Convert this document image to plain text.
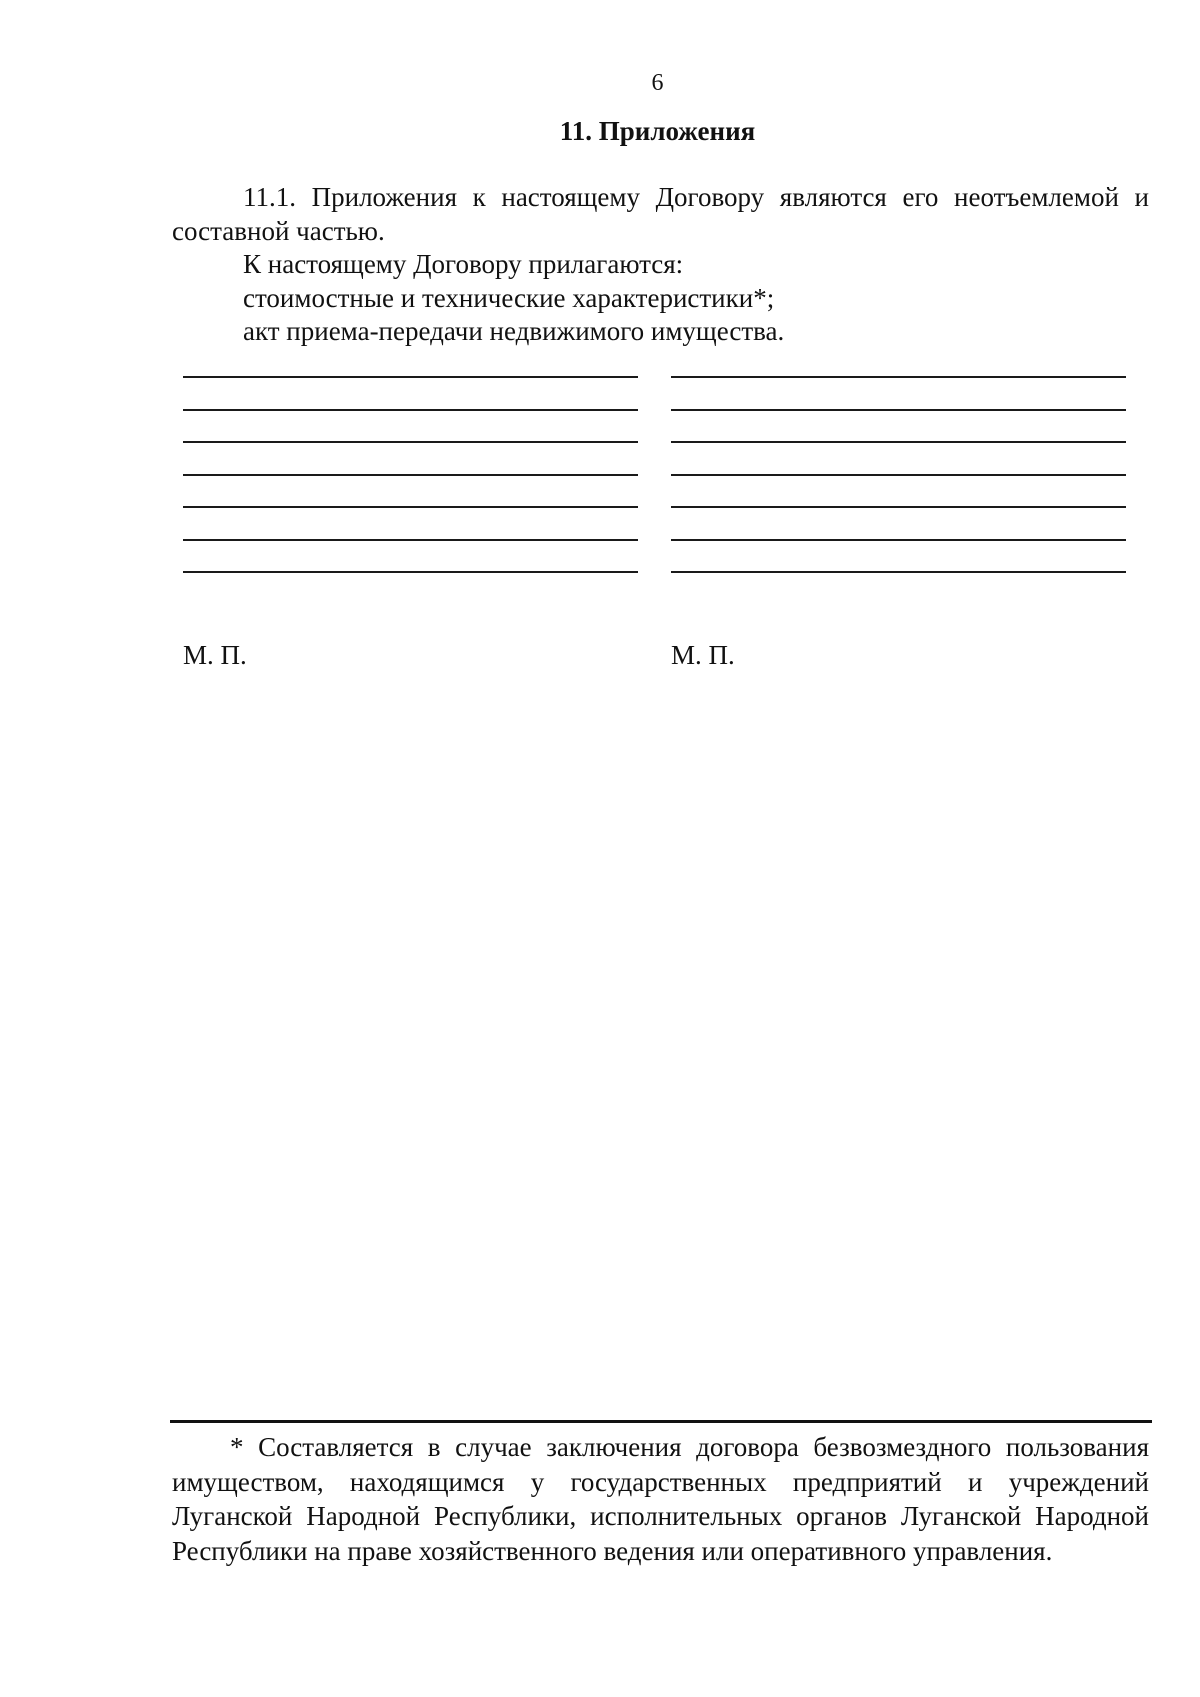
6
11. Приложения

11.1. Приложения к настоящему Договору являются его неотъемлемой и составной частью.

К настоящему Договору прилагаются:

стоимостные и технические характеристики*;

акт приема-передачи недвижимого имущества.

М. П.	М. П.

* Составляется в случае заключения договора безвозмездного пользования имуществом, находящимся у государственных предприятий и учреждений Луганской Народной Республики, исполнительных органов Луганской Народной Республики на праве хозяйственного ведения или оперативного управления.
